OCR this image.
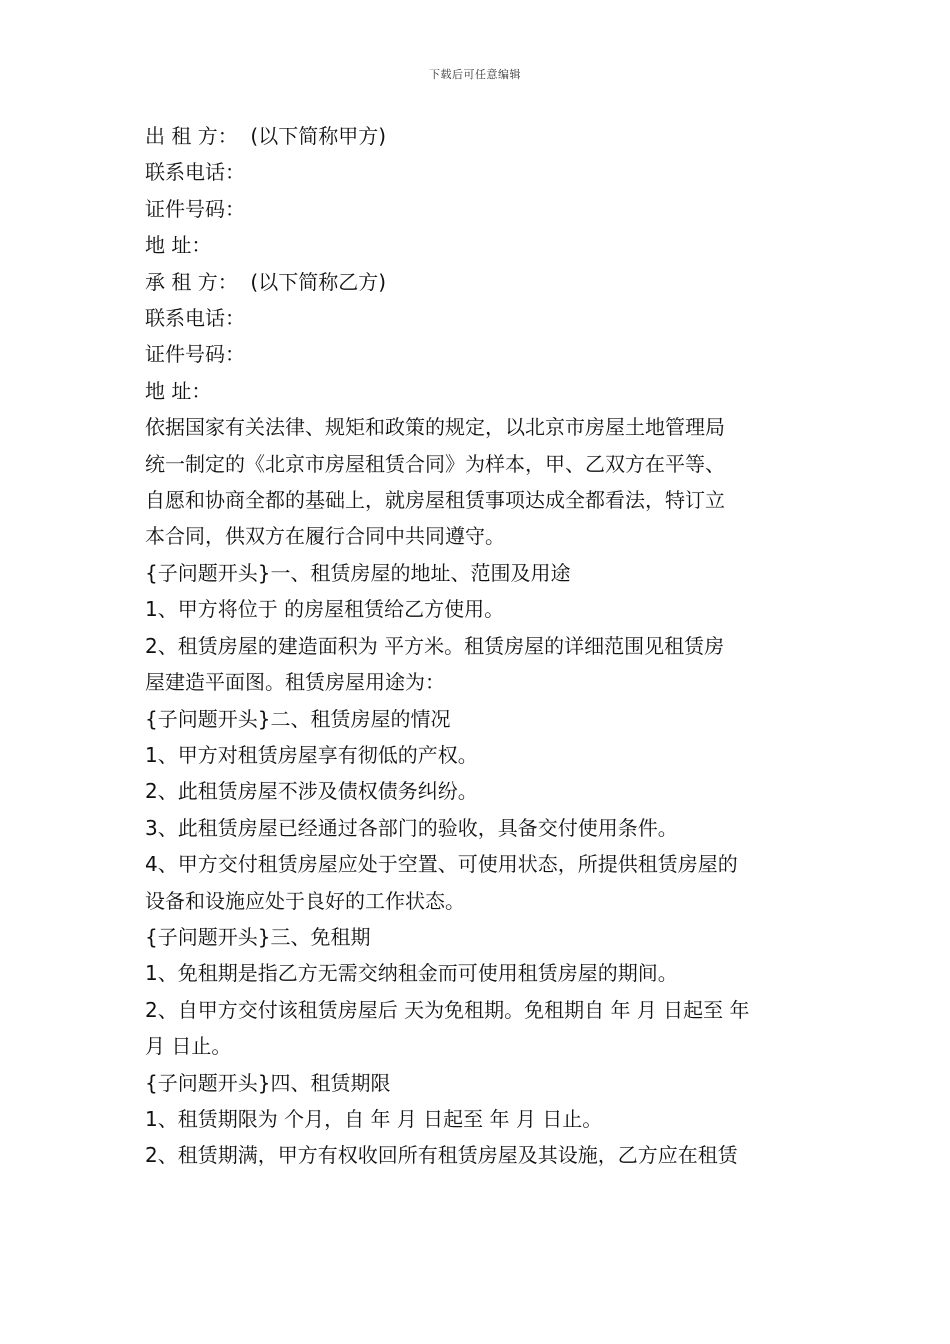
下载后可任意编辑
出 租 方：  (以下简称甲方)
联系电话：
证件号码：
地 址：
承 租 方：  (以下简称乙方)
联系电话：
证件号码：
地 址：
依据国家有关法律、规矩和政策的规定，以北京市房屋土地管理局
统一制定的《北京市房屋租赁合同》为样本，甲、乙双方在平等、
自愿和协商全都的基础上，就房屋租赁事项达成全都看法，特订立
本合同，供双方在履行合同中共同遵守。
{子问题开头}一、租赁房屋的地址、范围及用途
1、甲方将位于 的房屋租赁给乙方使用。
2、租赁房屋的建造面积为 平方米。租赁房屋的详细范围见租赁房
屋建造平面图。租赁房屋用途为：
{子问题开头}二、租赁房屋的情况
1、甲方对租赁房屋享有彻低的产权。
2、此租赁房屋不涉及债权债务纠纷。
3、此租赁房屋已经通过各部门的验收，具备交付使用条件。
4、甲方交付租赁房屋应处于空置、可使用状态，所提供租赁房屋的
设备和设施应处于良好的工作状态。
{子问题开头}三、免租期
1、免租期是指乙方无需交纳租金而可使用租赁房屋的期间。
2、自甲方交付该租赁房屋后 天为免租期。免租期自 年 月 日起至 年
月 日止。
{子问题开头}四、租赁期限
1、租赁期限为 个月，自 年 月 日起至 年 月 日止。
2、租赁期满，甲方有权收回所有租赁房屋及其设施，乙方应在租赁
